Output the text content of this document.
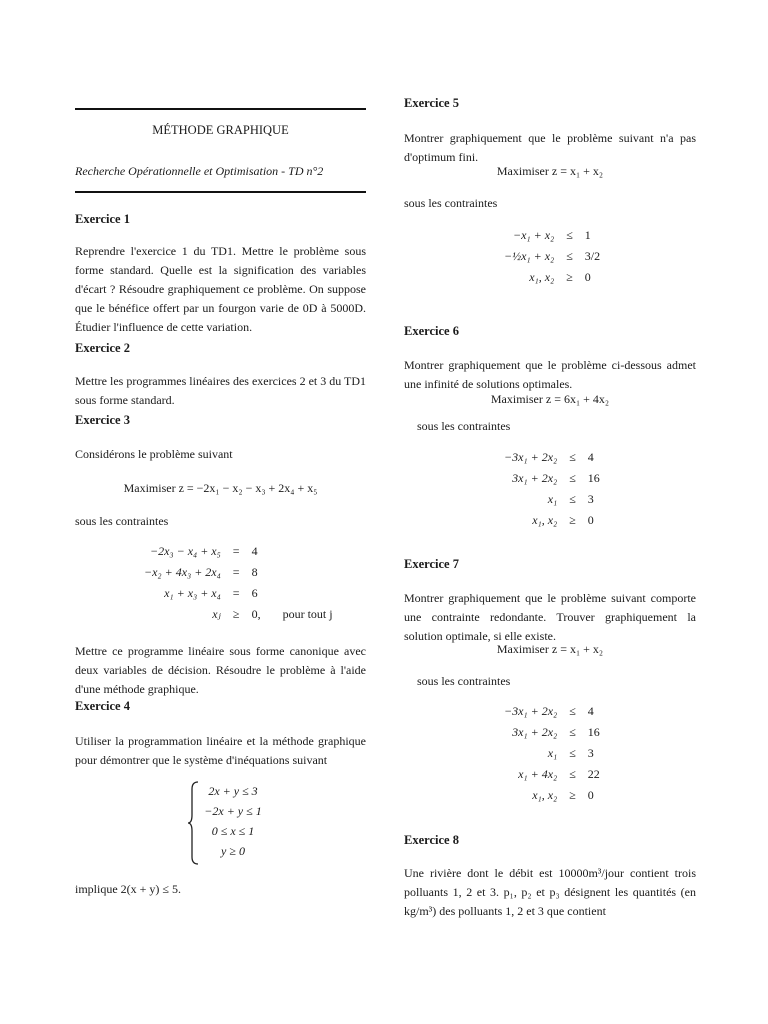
MÉTHODE GRAPHIQUE
Recherche Opérationnelle et Optimisation - TD n°2
Exercice 1
Reprendre l'exercice 1 du TD1. Mettre le problème sous forme standard. Quelle est la signification des variables d'écart ? Résoudre graphiquement ce problème. On suppose que le bénéfice offert par un fourgon varie de 0D à 5000D. Étudier l'influence de cette variation.
Exercice 2
Mettre les programmes linéaires des exercices 2 et 3 du TD1 sous forme standard.
Exercice 3
Considérons le problème suivant
Maximiser z = −2x₁ − x₂ − x₃ + 2x₄ + x₅
sous les contraintes
−2x₃ − x₄ + x₅	=	4	
−x₂ + 4x₃ + 2x₄	=	8	
x₁ + x₃ + x₄	=	6	
xⱼ	≥	0,	pour tout j
Mettre ce programme linéaire sous forme canonique avec deux variables de décision. Résoudre le problème à l'aide d'une méthode graphique.
Exercice 4
Utiliser la programmation linéaire et la méthode graphique pour démontrer que le système d'inéquations suivant
2x + y ≤ 3
−2x + y ≤ 1
0 ≤ x ≤ 1
y ≥ 0
implique 2(x + y) ≤ 5.
Exercice 5
Montrer graphiquement que le problème suivant n'a pas d'optimum fini.
Maximiser z = x₁ + x₂
sous les contraintes
−x₁ + x₂	≤	1
−½x₁ + x₂	≤	3/2
x₁, x₂	≥	0
Exercice 6
Montrer graphiquement que le problème ci-dessous admet une infinité de solutions optimales.
Maximiser z = 6x₁ + 4x₂
sous les contraintes
−3x₁ + 2x₂	≤	4
3x₁ + 2x₂	≤	16
x₁	≤	3
x₁, x₂	≥	0
Exercice 7
Montrer graphiquement que le problème suivant comporte une contrainte redondante. Trouver graphiquement la solution optimale, si elle existe.
Maximiser z = x₁ + x₂
sous les contraintes
−3x₁ + 2x₂	≤	4
3x₁ + 2x₂	≤	16
x₁	≤	3
x₁ + 4x₂	≤	22
x₁, x₂	≥	0
Exercice 8
Une rivière dont le débit est 10000m³/jour contient trois polluants 1, 2 et 3. p₁, p₂ et p₃ désignent les quantités (en kg/m³) des polluants 1, 2 et 3 que contient
